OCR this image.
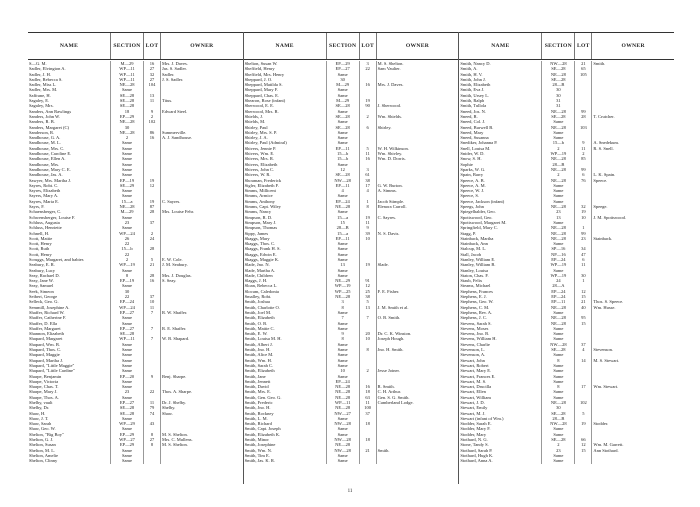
NAME	SECTION LOT	OWNER
S—G. M.	M—29	16	Mrs. J. Daves.
Sadler, Elvington A.	WP—11	27	Jas. S. Sadler.
Sadler, J. H.	WP—11	32	Sadler.
Sadler, Rebecca S.	WP—11	27	J. S. Sadler.
Sadler, Miss L.	NE—28	104
Sadler, Mrs. M.	Same
Saffrane, H.	SE—28	13
Sagaley, E.	SE—28	11	Titus.
Sagaley, Mrs.	SE—28
Sanders, Ann Rawlings	18	9	Edward Steel.
Sanders, John W.	EP—29	2
Sanders, R. B.	NE—28	102
Sanders, Margaret (C)	30
Sanderson, R.	NE—28	86	Summerville.
Sandhouse, G. A.	2	16	A. J. Sandhouse.
Sandhouse, M. L.	Same
Sandhouse, Mrs. C.	Same
Sandhouse, Caroline E.	Same
Sandhouse, Ellen A.	Same
Sandhouse, Mrs.	Same
Sandhouse, Mary C. E.	Same
Sandhouse, Jas. A.	Same
Sawyer, Mrs. Martha J.	EP—19	19
Sayres, Robt. C.	SE—29	12
Sayres, Elizabeth	Same
Sayers, Mary A.	Same
Sayres, Maria E.	15—a	19	C. Sayres.
Sayrs, F.	NE—28	87
Schaensberger, C.	M—29	28	Mrs. Louise Fehr.
Schwensberger, Louise F.	Same
Schluss, Augusta	23	37
Schluss, Henriette	Same
Schnell, H.	WP—24	2
Scott, Mattie	26	24
Scott, Henry	22
Scott, Ruth	15—b	28
Scott, Henry	22
Scruggs, Margaret, and babies	2	5	E. W. Cole.
Seabury, E. R.	WP—19	21	J. M. Seabury.
Seabury, Lucy	Same
Seay, Rachael D.	8	28	Mrs. J. Douglas.
Seay, Jane W.	EP—19	16	S. Seay.
Seay, Samuel	Same
Seek, Simeon	30
Seibert, George	22	37
Selleck, Geo. G.	EP—24	10
Semmill, Josephine A.	WP—24	11
Shaffer, Richard W.	EP—27	7	R. W. Shaffer.
Shaffer, Catherine F.	Same
Shaffer, D. Ella	Same
Shaffer, Margaret	EP—27	7	R. E. Shaffer.
Shannon, Elizabeth	SE—28
Shapard, Margaret	WP—11	7	W. B. Shapard.
Shapard, Wm. B.	Same
Shapard, Thos. C.	Same
Shapard, Maggie	Same
Shapard, Martha J.	Same
Shapard, "Little Maggie"	Same
Shapard, "Little Cardine"	Same
Sharpe, Benjamin	EP—20	9	Benj. Sharpe.
Sharpe, Victoria	Same
Sharpe, Chas. T.	Same
Sharpe, Mary J.	23	22	Thos. A. Sharpe.
Sharpe, Thos. A.	Same
Shelby, vault	EP—27	11	Dr. J. Shelby.
Shelby, Dr.	SE—28	79	Shelby.
Shaw, H.	SE—28	74	Shaw.
Shaw, J. T.	Same
Shaw, Sarah	WP—29	43
Shaw, Geo. W.	Same
Shelton, "Big Boy"	EP—29	8	M. S. Shelton.
Shelton, G. J.	WP—27	27	Mrs. C. Mullens.
Shelton, Susan	EP—29	8	M. S. Shelton.
Shelton, M. L.	Same
Shelton, Amelie	Same
Shelton, Clinny	Same
NAME	SECTION LOT	OWNER
Shelton, Susan W.	EP—29	3	M. S. Shelton.
Sheffield, Henry	EP—27	22	Sam Vaulter.
Sheffield, Mrs. Henry	Same
Sheppard, J. O.	30
Sheppard, Matilda S.	M—29	16	Mrs. J. Daves.
Sheppard, Mary F.	Same
Sheppard, Chas. E.	Same
Shearon, Rose (infant)	M—29	19
Sherwood, E. E.	SE—28	90	J. Sherwood.
Sherwood, Mrs. R.	Same
Shields, J.	SE—28	2	Wm. Shields.
Shields, M.	Same
Shirley, Paul	SE—28	6	Shirley.
Shirley, Mrs. S. P.	Same
Shirley, J. A.	Same
Shirley, Paul (Admiral)	Same
Shivers, Jennie P.	EP—11	5	W. H. Wilkinson.
Shivers, Wm. E.	15—b	11	Wm. Shivley.
Shivers, Mrs. R.	15—b	16	Wm. D. Dorris.
Shivers, Elizabeth	Same
Shivers, John C.	12	3
Shivers, W. R.	SE—28	61
Shouman, Frederick	NW—28	38
Sigler, Elizabeth F.	EP—11	17	G. W. Burton.
Simms, Millicent	4	4	A. Simms.
Simms, Armice	Same
Simms, Anthony	EP—24	1	Jacob Stimple.
Simms, Capt. Wiley	NE—28	8	Elenora Carroll.
Simms, Nancy	Same
Simpson, R. D.	15—a	19	C. Sayres.
Simpson, Mary J.	15	11
Simpson, Thomas	28—B	9
Sippy, James	15—a	39	N. S. Davis.
Skaggs, Mary	EP—11	10
Skaggs, Thos. C.	Same
Skaggs, Frank H. S.	Same
Skaggs, Edwin E.	Same
Skaggs, Maggie K.	Same
Slade, Jno. N.	13	19	Slade.
Slade, Martha A.	Same
Slade, Children	Same
Slaggs, J. H.	NE—29	91
Sloan, Rebecca L.	WP—19	12
Slocum, Caledonia	WP—25	25	F. E. Fisher.
Smalley, Robt.	NE—28	38
Smith, Joshua	3	5
Smith, Charlotte O.	8	13	J. M. Smith et al.
Smith, Joel M.	Same
Smith, Elizabeth	7	7	O. B. Smith.
Smith, O. B.	Same
Smith, Mattie C.	Same
Smith, E. W.	9	20	Dr. C. K. Winston.
Smith, Louisa M. H.	8	10	Joseph Hough.
Smith, Albert J.	Same
Smith, Jno. H.	Same	8	Jno. H. Smith.
Smith, Alice M.	Same
Smith, Wm. H.	Same
Smith, Sarah C.	Same
Smith, Elizabeth	10	2	Jesse Joiner.
Smith, Jane	Same
Smith, Jennett	EP—24
Smith, David	NE—28	16	R. Smith.
Smith, Mrs. E.	NE—28	18	C. H. Arthur.
Smith, Gen. Geo. G.	NE—28	63	Gen. S. G. Smith.
Smith, Frederic	WP—11	11	Cumberland Lodge.
Smith, Jno. H.	NE—28	100
Smith, Rockney	NW—27	37
Smith, L. M.	Same
Smith, Richard	NW—28	18
Smith, Capt. Joseph	Same
Smith, Elizabeth K.	Same
Smith, Minor	NW—28	18
Smith, Josephine	NE—28
Smith, Wm. N.	NW—28	21	Smith.
Smith, Tim E.	Same
Smith, Jas. K. R.	Same
NAME	SECTION LOT	OWNER
Smith, Nancy D.	NW—28	21	Smith.
Smith, A.	SE—28	65
Smith, H. V.	NE—28	105
Smith, John J.	SE—28
Smith, Elizabeth	28—B
Smith, Eva J.	30
Smith, Ursey L.	30
Smith, Ralph	31
Smith, Tullola	31
Sneed, Jos. N.	NE—28	99
Sneed, R.	SE—28	28	T. Crutcher.
Sneed, Col. J.	Same
Sneed, Burwell B.	NE—28	103
Sneed, Mary	Same
Sneed, Susanna	Same
Snediker, Johanna P.	15—b	9	A. Snedekum.
Snell, Louisa M.	2	11	R. S. Snell.
Snider, W. D.	WP—19	2
Snow, S. H.	NE—28	85
Sophie	28—B
Sparks, W. G.	NE—28	99
Spain, Barry	2	6	L. K. Spain.
Speece, A. B.	NE—28	76	Speece.
Speece, A. M.	Same
Speece, W. J.	Same
Speece, S.	Same
Speece, Jackson (infant)	Same
Speegs, John	NE—28	32	Speege.
Spiegelhalder, Geo.	23	19
Spottswood, Geo.	13	10	J. M. Spottswood.
Spottswood, Margaret M.	Same
Springfield, Mary C.	NE—28	1
Stagg, P.	NE—28	99
Stainback, Martha	NE—28	23	Stainback.
Stainback, Ann	Same
Stalcup, M. L.	SP—16	34
Stall, Jacob	NP—16	47
Stanley, William E.	EP—24	6
Stanley, William B.	WP—19	11
Stanley, Louisa	Same
Staton, Chas. F.	WP—19	30
Staub, Felix	24	1
Steams, Michael	28—A
Stephens, Frances	EP—24	12
Stephens, E. J.	EP—24	15
Stephens, Geo. W.	EP—11	21	Thos. S. Speece.
Stephens, C. M.	NE—28	40	Wm. Husse.
Stephens, Rev. A.	Same
Stephens, J. C.	NE—28	95
Stevens, Sarah S.	NE—28	15
Stevens, Moses	Same
Stevens, Jno. B.	Same
Stevens, William H.	Same
Stevens, Charlie	NW—28	37
Stevenson, L.	SE—28	4	Stevenson.
Stevenson, A.	Same
Stewart, John	8	14	M. S. Stewart.
Stewart, Robert	Same
Stewart, Mary E.	Same
Stewart, Frances E.	Same
Stewart, M. S.	Same
Stewart, Drucilla	8	17	Wm. Stewart.
Stewart, Ellen	Same
Stewart, William	Same
Stewart, J. D.	NE—28	102
Stewart, Emily	30
Stewart, M. J.	SE—28	5
Stewart (infant of Wm.)	28—B
Stodder, Sarah E.	NW—28	19	Stodder.
Stodder, Mary F.	Same
Stodder, Mary	Same
Stothard, N. G.	SE—28	66
Stone, Tandy S.	2	12	Wm. M. Garrett.
Stothard, Sarah P.	23	15	Ann Stothard.
Stothard, Hugh K.	Same
Stothard, Anna A.	Same
11
